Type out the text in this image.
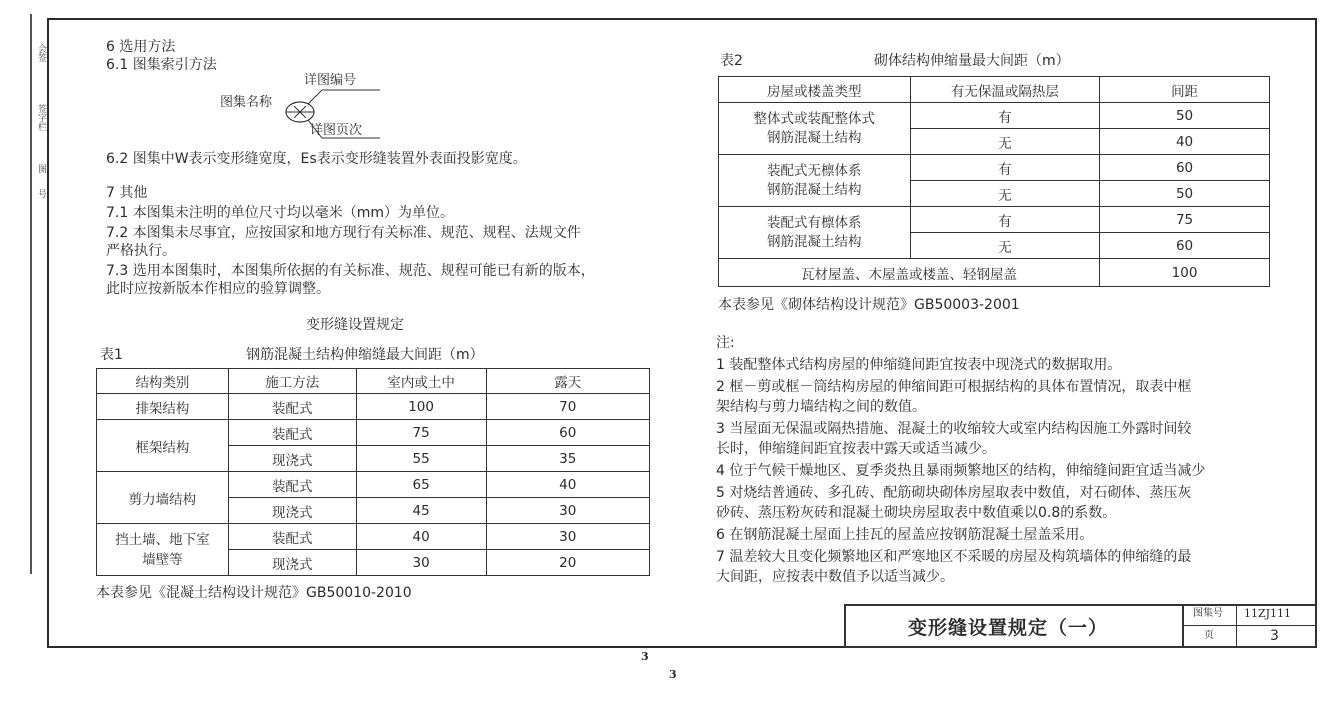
会签
签字栏
图
号
6 选用方法
6.1 图集索引方法
详图编号
图集名称
详图页次
6.2 图集中W表示变形缝宽度，Es表示变形缝装置外表面投影宽度。
7 其他
7.1 本图集未注明的单位尺寸均以毫米（mm）为单位。
7.2 本图集未尽事宜，应按国家和地方现行有关标准、规范、规程、法规文件
严格执行。
7.3 选用本图集时，本图集所依据的有关标准、规范、规程可能已有新的版本，
此时应按新版本作相应的验算调整。
变形缝设置规定
表1	钢筋混凝土结构伸缩缝最大间距（m）
结构类别	施工方法	室内或土中	露天
排架结构	装配式	100	70
框架结构	装配式	75	60
	现浇式	55	35
剪力墙结构	装配式	65	40
	现浇式	45	30
挡土墙、地下室
墙壁等	装配式	40	30
	现浇式	30	20
本表参见《混凝土结构设计规范》GB50010-2010
表2	砌体结构伸缩量最大间距（m）
房屋或楼盖类型	有无保温或隔热层	间距
整体式或装配整体式
钢筋混凝土结构	有	50
	无	40
装配式无檩体系
钢筋混凝土结构	有	60
	无	50
装配式有檩体系
钢筋混凝土结构	有	75
	无	60
瓦材屋盖、木屋盖或楼盖、轻钢屋盖		100
本表参见《砌体结构设计规范》GB50003-2001
注:
1 装配整体式结构房屋的伸缩缝间距宜按表中现浇式的数据取用。
2 框－剪或框－筒结构房屋的伸缩间距可根据结构的具体布置情况，取表中框
架结构与剪力墙结构之间的数值。
3 当屋面无保温或隔热措施、混凝土的收缩较大或室内结构因施工外露时间较
长时，伸缩缝间距宜按表中露天或适当减少。
4 位于气候干燥地区、夏季炎热且暴雨频繁地区的结构，伸缩缝间距宜适当减少
5 对烧结普通砖、多孔砖、配筋砌块砌体房屋取表中数值，对石砌体、蒸压灰
砂砖、蒸压粉灰砖和混凝土砌块房屋取表中数值乘以0.8的系数。
6 在钢筋混凝土屋面上挂瓦的屋盖应按钢筋混凝土屋盖采用。
7 温差较大且变化频繁地区和严寒地区不采暖的房屋及构筑墙体的伸缩缝的最
大间距，应按表中数值予以适当减少。
变形缝设置规定（一）
图集号 11ZJ111
页	3
3
3
